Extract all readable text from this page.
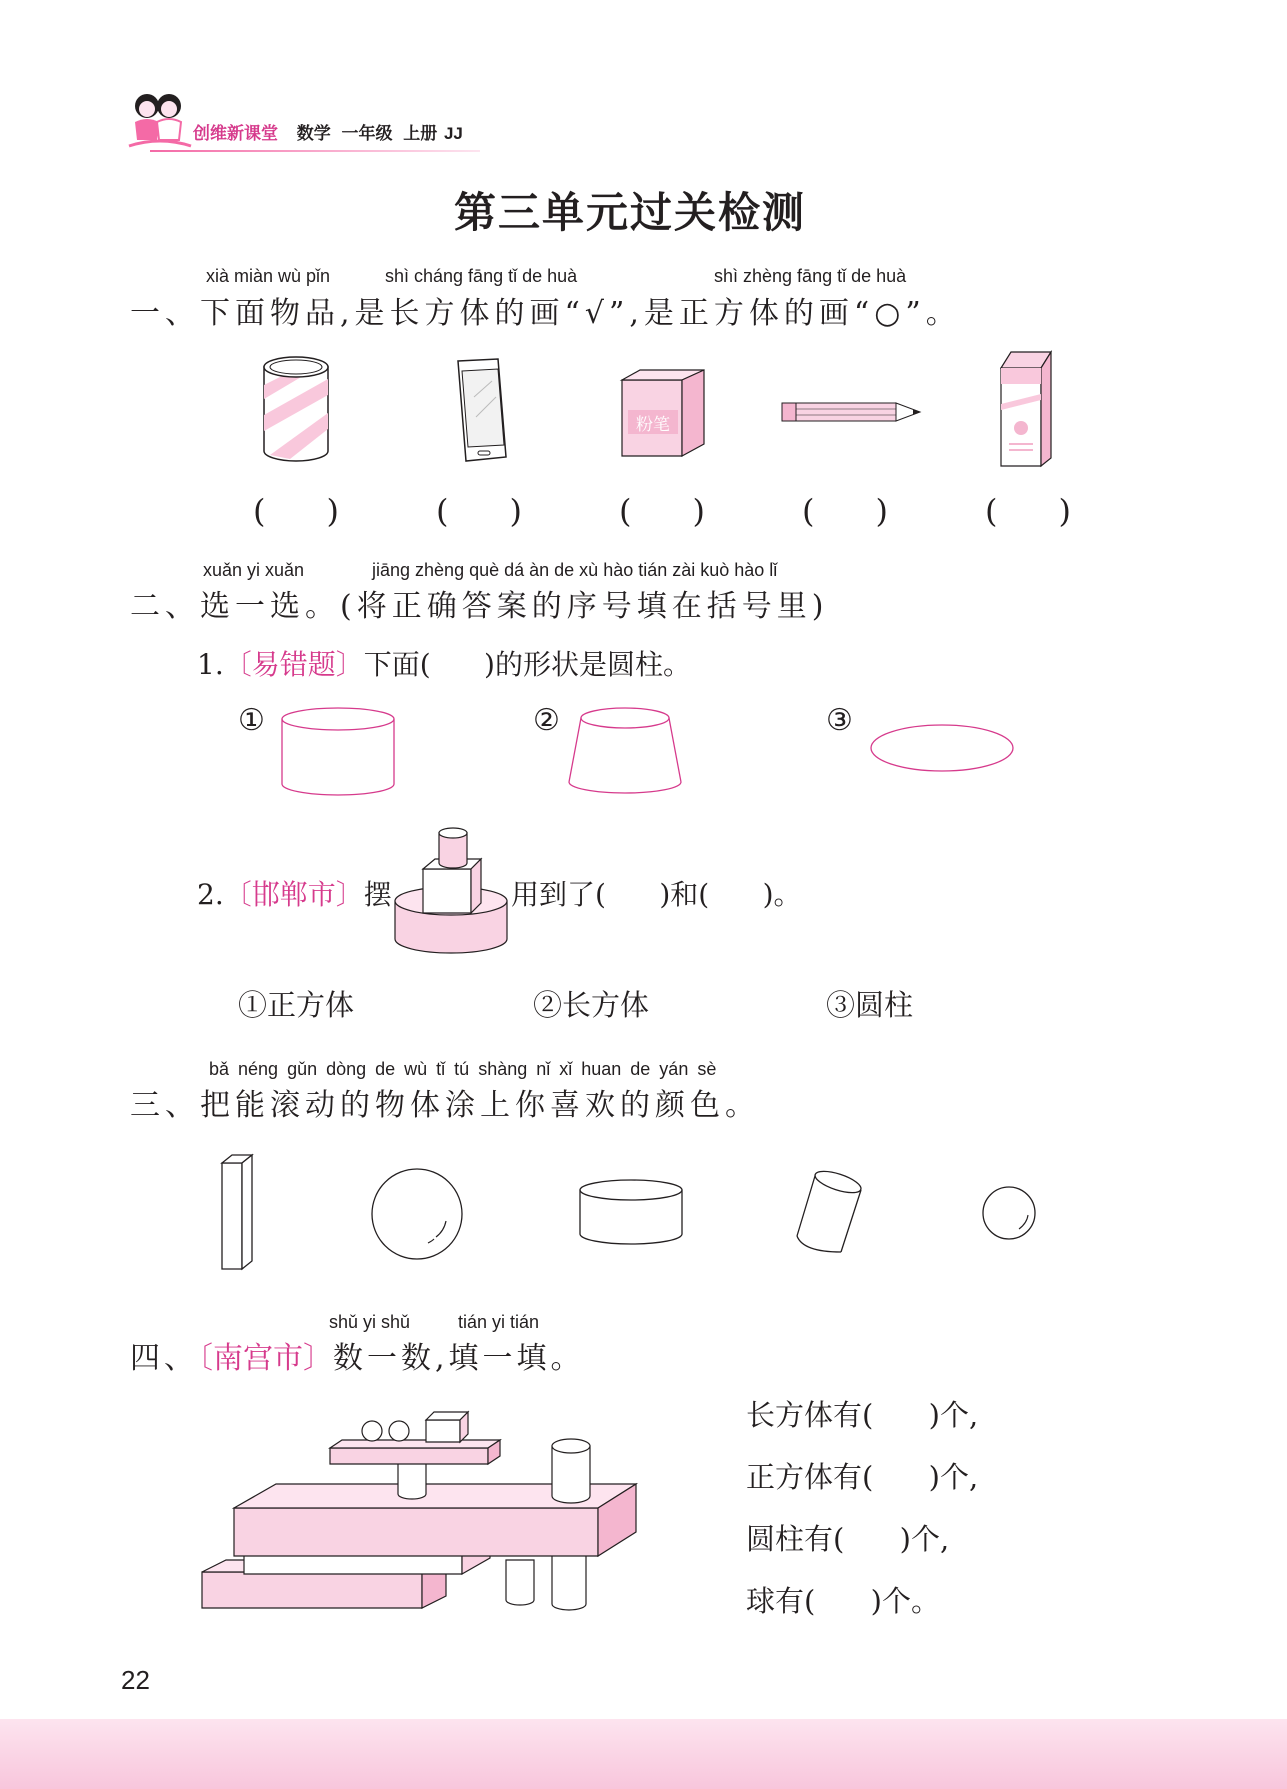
创维新课堂 数学 一年级 上册 JJ
第三单元过关检测
xià miàn wù pǐn	shì cháng fāng tǐ de huà	shì zhèng fāng tǐ de huà
一、下面物品,是长方体的画“√”,是正方体的画“○”。
粉笔
(      )	(      )	(      )	(      )	(      )
xuǎn yi xuǎn	jiāng zhèng què dá àn de xù hào tián zài kuò hào lǐ
二、选一选。(将正确答案的序号填在括号里)
1.〔易错题〕下面(      )的形状是圆柱。
①	②	③
2.〔邯郸市〕摆	用到了(      )和(      )。
①正方体	②长方体	③圆柱
bǎ néng gǔn dòng de wù tǐ tú shàng nǐ xǐ huan de yán sè
三、把能滚动的物体涂上你喜欢的颜色。
shǔ yi shǔ	tián yi tián
四、〔南宫市〕数一数,填一填。
长方体有(      )个,
正方体有(      )个,
圆柱有(      )个,
球有(      )个。
22
